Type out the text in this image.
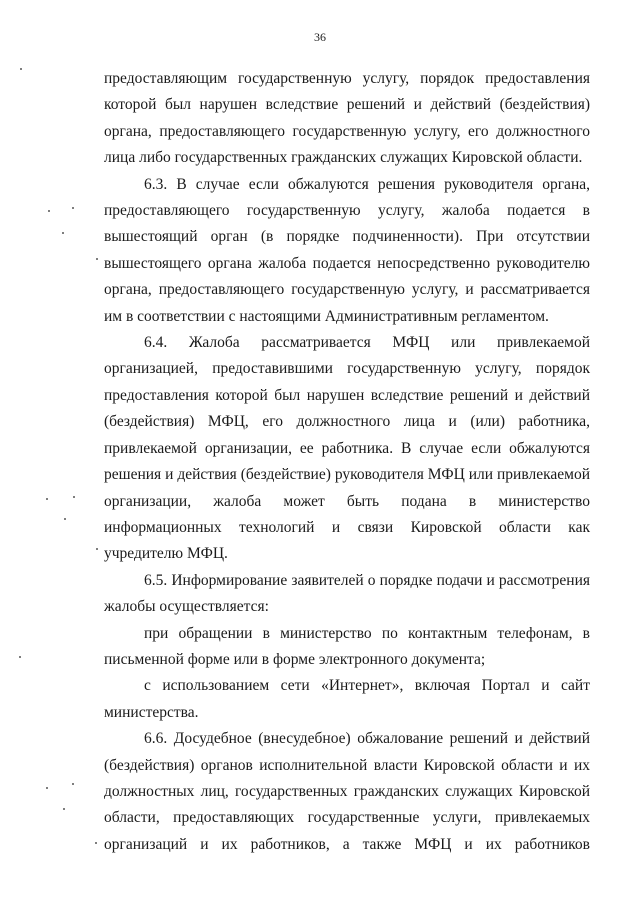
36

предоставляющим государственную услугу, порядок предоставления которой был нарушен вследствие решений и действий (бездействия) органа, предоставляющего государственную услугу, его должностного лица либо государственных гражданских служащих Кировской области.

6.3. В случае если обжалуются решения руководителя органа, предоставляющего государственную услугу, жалоба подается в вышестоящий орган (в порядке подчиненности). При отсутствии вышестоящего органа жалоба подается непосредственно руководителю органа, предоставляющего государственную услугу, и рассматривается им в соответствии с настоящими Административным регламентом.

6.4. Жалоба рассматривается МФЦ или привлекаемой организацией, предоставившими государственную услугу, порядок предоставления которой был нарушен вследствие решений и действий (бездействия) МФЦ, его должностного лица и (или) работника, привлекаемой организации, ее работника. В случае если обжалуются решения и действия (бездействие) руководителя МФЦ или привлекаемой организации, жалоба может быть подана в министерство информационных технологий и связи Кировской области как учредителю МФЦ.

6.5. Информирование заявителей о порядке подачи и рассмотрения жалобы осуществляется:

при обращении в министерство по контактным телефонам, в письменной форме или в форме электронного документа;

с использованием сети «Интернет», включая Портал и сайт министерства.

6.6. Досудебное (внесудебное) обжалование решений и действий (бездействия) органов исполнительной власти Кировской области и их должностных лиц, государственных гражданских служащих Кировской области, предоставляющих государственные услуги, привлекаемых организаций и их работников, а также МФЦ и их работников
